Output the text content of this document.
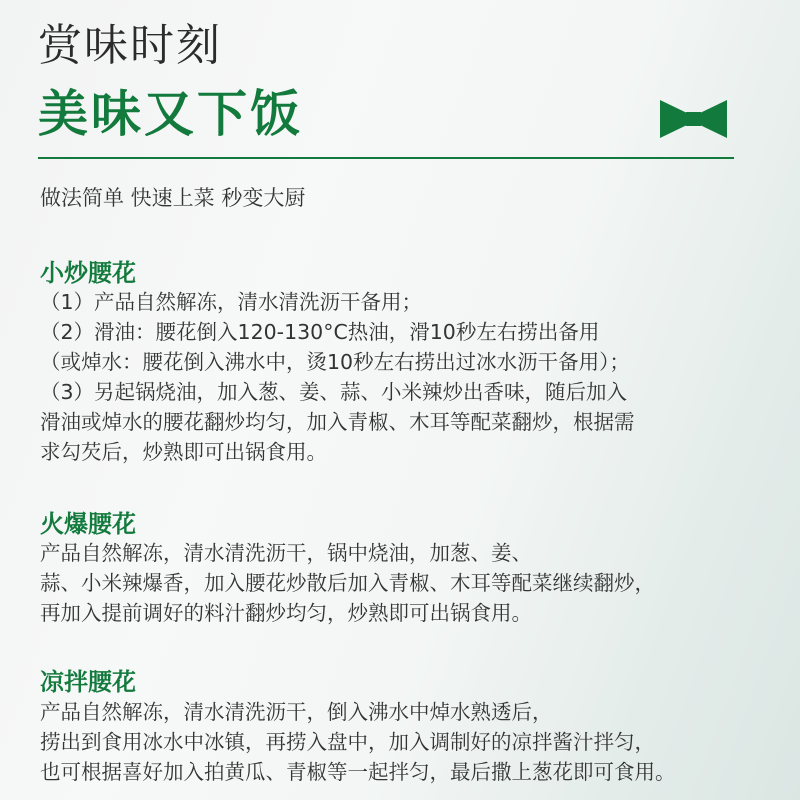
赏味时刻
美味又下饭
做法简单 快速上菜 秒变大厨
小炒腰花
（1）产品自然解冻，清水清洗沥干备用；
（2）滑油：腰花倒入120-130°C热油，滑10秒左右捞出备用
（或焯水：腰花倒入沸水中，烫10秒左右捞出过冰水沥干备用）；
（3）另起锅烧油，加入葱、姜、蒜、小米辣炒出香味，随后加入
滑油或焯水的腰花翻炒均匀，加入青椒、木耳等配菜翻炒，根据需
求勾芡后，炒熟即可出锅食用。
火爆腰花
产品自然解冻，清水清洗沥干，锅中烧油，加葱、姜、
蒜、小米辣爆香，加入腰花炒散后加入青椒、木耳等配菜继续翻炒，
再加入提前调好的料汁翻炒均匀，炒熟即可出锅食用。
凉拌腰花
产品自然解冻，清水清洗沥干，倒入沸水中焯水熟透后，
捞出到食用冰水中冰镇，再捞入盘中，加入调制好的凉拌酱汁拌匀，
也可根据喜好加入拍黄瓜、青椒等一起拌匀，最后撒上葱花即可食用。
